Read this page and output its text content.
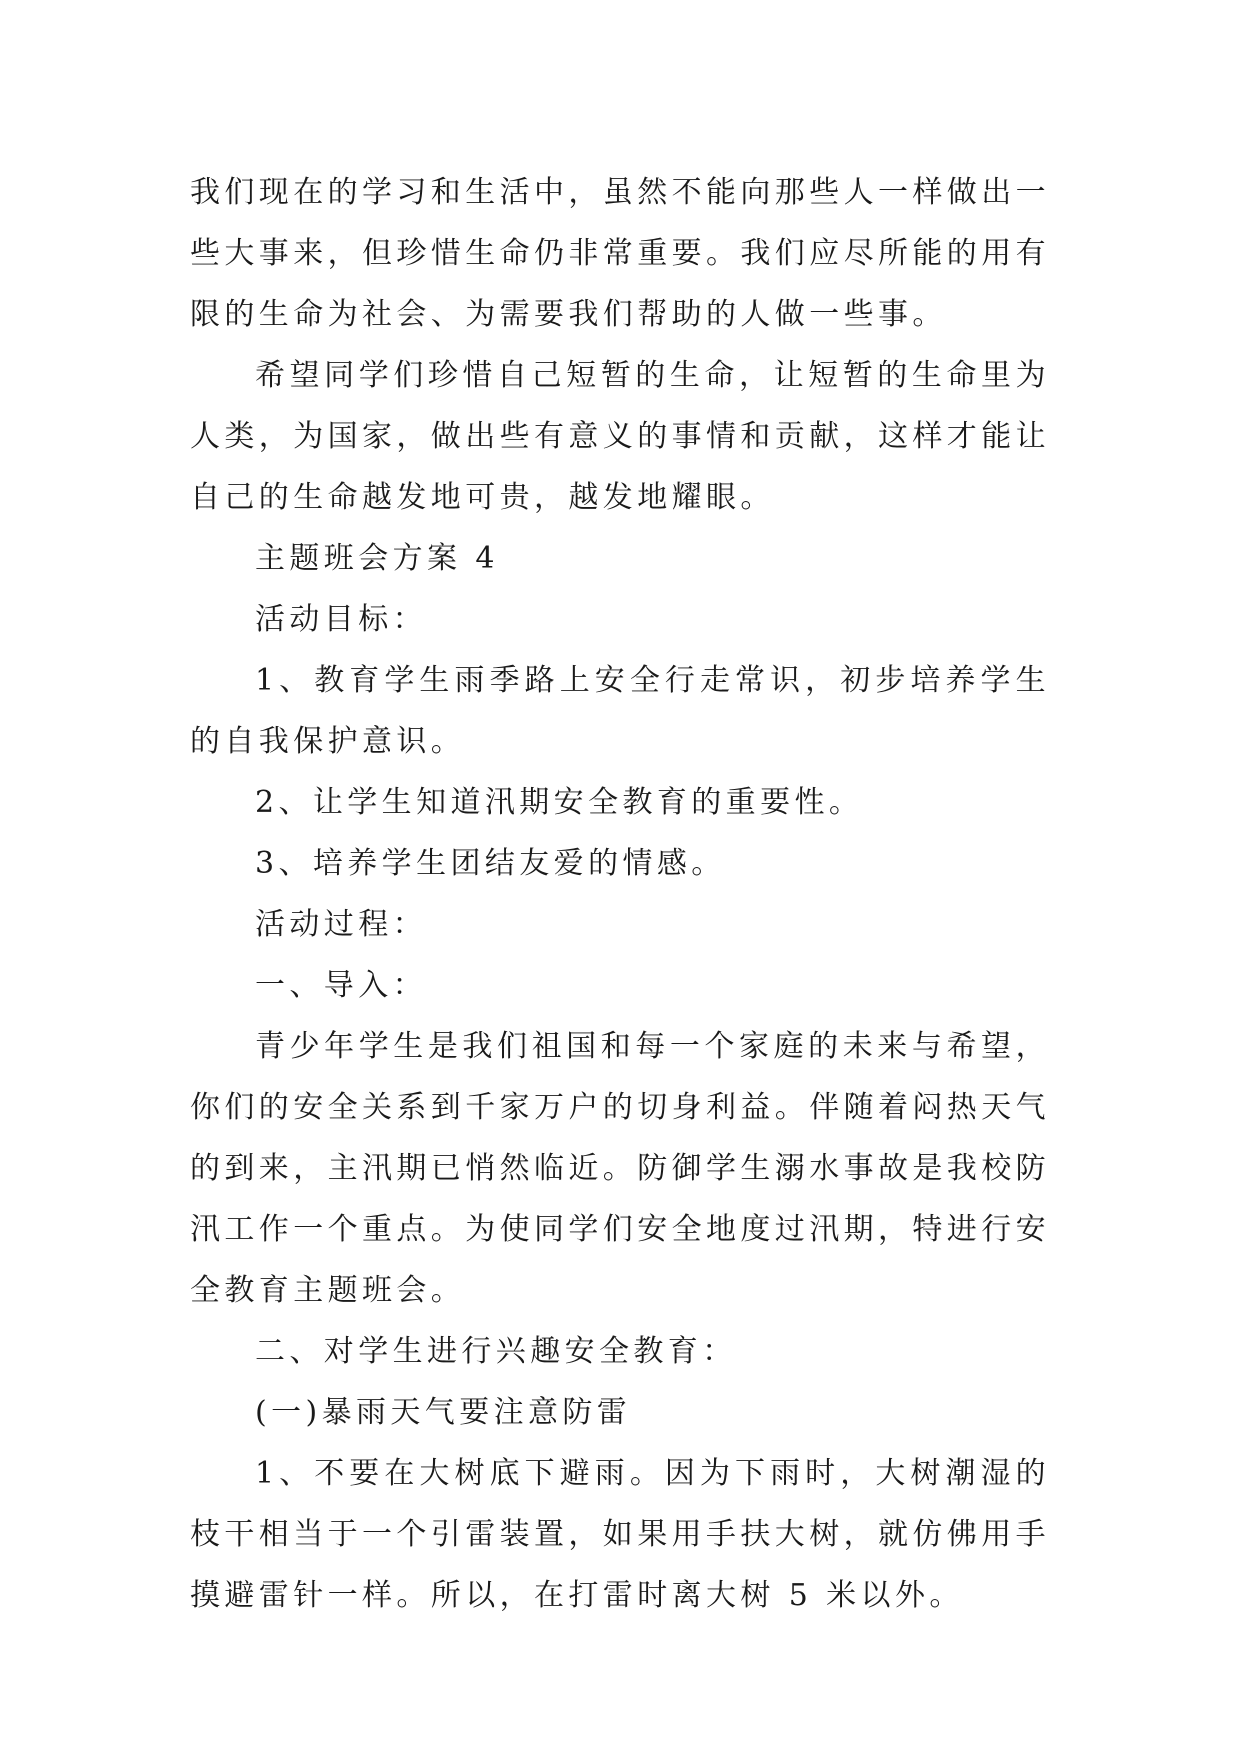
我们现在的学习和生活中，虽然不能向那些人一样做出一些大事来，但珍惜生命仍非常重要。我们应尽所能的用有限的生命为社会、为需要我们帮助的人做一些事。

希望同学们珍惜自己短暂的生命，让短暂的生命里为人类，为国家，做出些有意义的事情和贡献，这样才能让自己的生命越发地可贵，越发地耀眼。

主题班会方案 4

活动目标：

1、教育学生雨季路上安全行走常识，初步培养学生的自我保护意识。

2、让学生知道汛期安全教育的重要性。

3、培养学生团结友爱的情感。

活动过程：

一、导入：

青少年学生是我们祖国和每一个家庭的未来与希望，你们的安全关系到千家万户的切身利益。伴随着闷热天气的到来，主汛期已悄然临近。防御学生溺水事故是我校防汛工作一个重点。为使同学们安全地度过汛期，特进行安全教育主题班会。

二、对学生进行兴趣安全教育：

(一)暴雨天气要注意防雷

1、不要在大树底下避雨。因为下雨时，大树潮湿的枝干相当于一个引雷装置，如果用手扶大树，就仿佛用手摸避雷针一样。所以，在打雷时离大树 5 米以外。
